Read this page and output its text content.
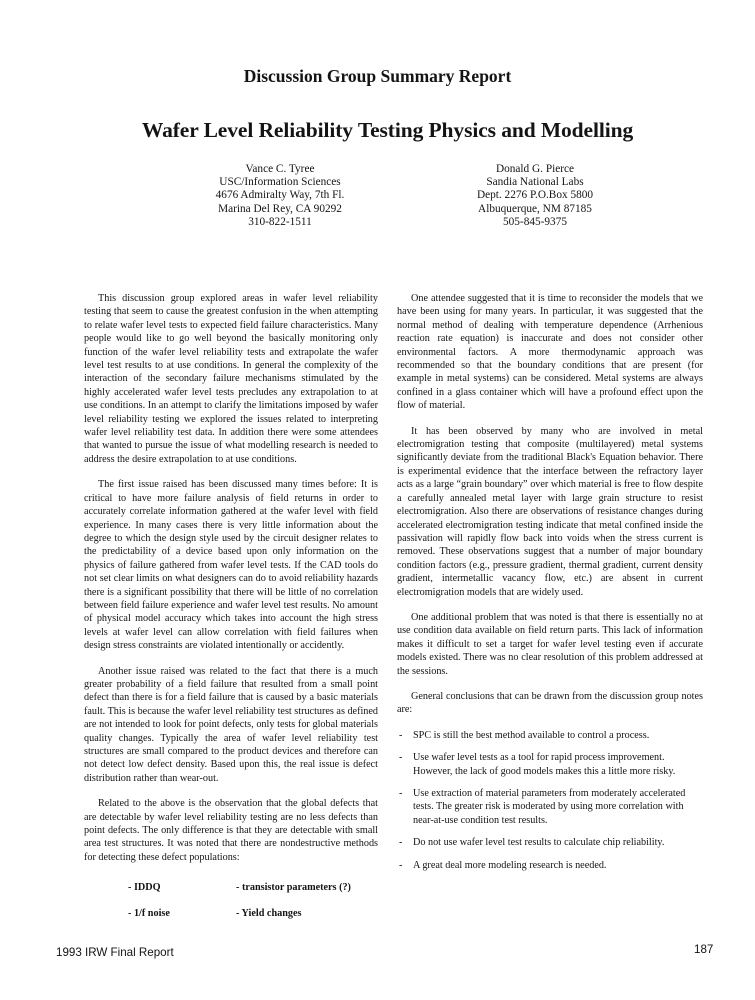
Discussion Group Summary Report
Wafer Level Reliability Testing Physics and Modelling
Vance C. Tyree
USC/Information Sciences
4676 Admiralty Way, 7th Fl.
Marina Del Rey, CA 90292
310-822-1511
Donald G. Pierce
Sandia National Labs
Dept. 2276 P.O.Box 5800
Albuquerque, NM 87185
505-845-9375

This discussion group explored areas in wafer level reliability testing that seem to cause the greatest confusion in the when attempting to relate wafer level tests to expected field failure characteristics. Many people would like to go well beyond the basically monitoring only function of the wafer level reliability tests and extrapolate the wafer level test results to at use conditions. In general the complexity of the interaction of the secondary failure mechanisms stimulated by the highly accelerated wafer level tests precludes any extrapolation to at use conditions. In an attempt to clarify the limitations imposed by wafer level reliability testing we explored the issues related to interpreting wafer level reliability test data. In addition there were some attendees that wanted to pursue the issue of what modelling research is needed to address the desire extrapolation to at use conditions.

The first issue raised has been discussed many times before: It is critical to have more failure analysis of field returns in order to accurately correlate information gathered at the wafer level with field experience. In many cases there is very little information about the degree to which the design style used by the circuit designer relates to the predictability of a device based upon only information on the physics of failure gathered from wafer level tests. If the CAD tools do not set clear limits on what designers can do to avoid reliability hazards there is a significant possibility that there will be little of no correlation between field failure experience and wafer level test results. No amount of physical model accuracy which takes into account the high stress levels at wafer level can allow correlation with field failures when design stress constraints are violated intentionally or accidently.

Another issue raised was related to the fact that there is a much greater probability of a field failure that resulted from a small point defect than there is for a field failure that is caused by a basic materials fault. This is because the wafer level reliability test structures as defined are not intended to look for point defects, only tests for global materials quality changes. Typically the area of wafer level reliability test structures are small compared to the product devices and therefore can not detect low defect density. Based upon this, the real issue is defect distribution rather than wear-out.

Related to the above is the observation that the global defects that are detectable by wafer level reliability testing are no less defects than point defects. The only difference is that they are detectable with small area test structures. It was noted that there are nondestructive methods for detecting these defect populations:

- IDDQ	- transistor parameters (?)
- 1/f noise	- Yield changes

One attendee suggested that it is time to reconsider the models that we have been using for many years. In particular, it was suggested that the normal method of dealing with temperature dependence (Arrhenious reaction rate equation) is inaccurate and does not consider other environmental factors. A more thermodynamic approach was recommended so that the boundary conditions that are present (for example in metal systems) can be considered. Metal systems are always confined in a glass container which will have a profound effect upon the flow of material.

It has been observed by many who are involved in metal electromigration testing that composite (multilayered) metal systems significantly deviate from the traditional Black's Equation behavior. There is experimental evidence that the interface between the refractory layer acts as a large “grain boundary” over which material is free to flow despite a carefully annealed metal layer with large grain structure to resist electromigration. Also there are observations of resistance changes during accelerated electromigration testing indicate that metal confined inside the passivation will rapidly flow back into voids when the stress current is removed. These observations suggest that a number of major boundary condition factors (e.g., pressure gradient, thermal gradient, current density gradient, intermetallic vacancy flow, etc.) are absent in current electromigration models that are widely used.

One additional problem that was noted is that there is essentially no at use condition data available on field return parts. This lack of information makes it difficult to set a target for wafer level testing even if accurate models existed. There was no clear resolution of this problem addressed at the sessions.

General conclusions that can be drawn from the discussion group notes are:

- SPC is still the best method available to control a process.
- Use wafer level tests as a tool for rapid process improvement. However, the lack of good models makes this a little more risky.
- Use extraction of material parameters from moderately accelerated tests. The greater risk is moderated by using more correlation with near-at-use condition test results.
- Do not use wafer level test results to calculate chip reliability.
- A great deal more modeling research is needed.
1993 IRW Final Report	187
